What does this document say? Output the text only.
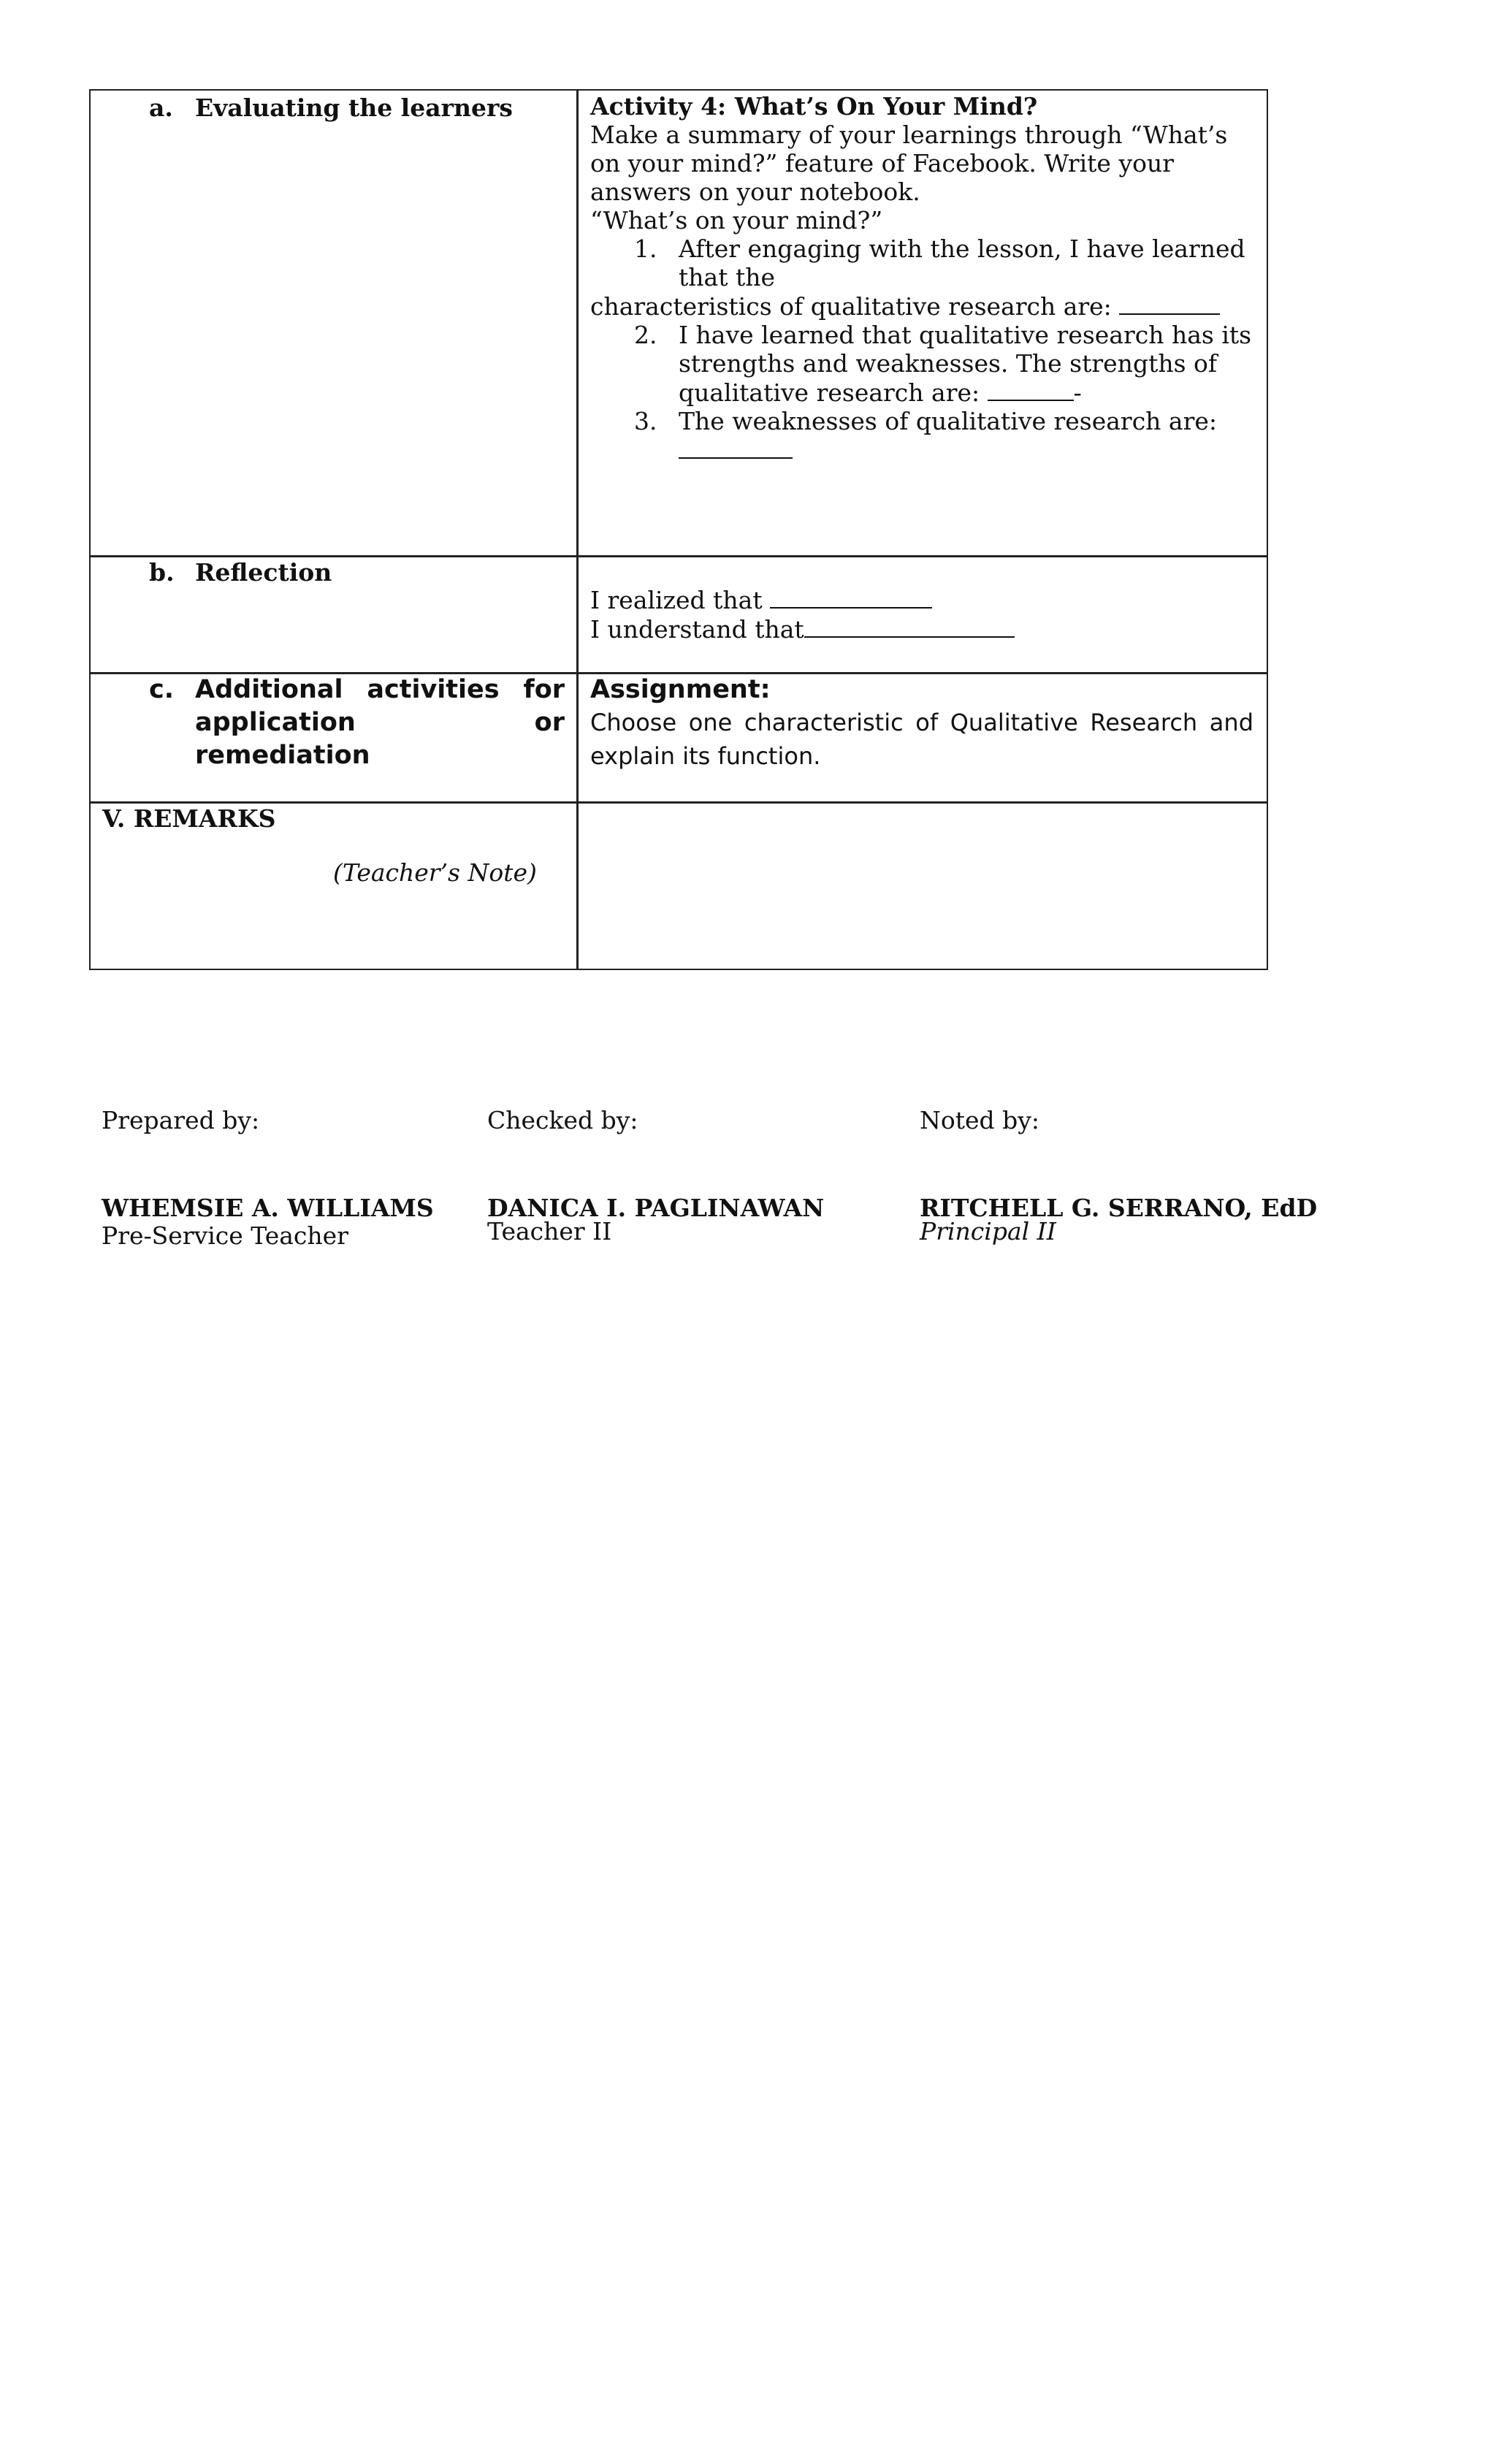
a. Evaluating the learners	Activity 4: What’s On Your Mind?
Make a summary of your learnings through “What’s
on your mind?” feature of Facebook. Write your
answers on your notebook.
“What’s on your mind?”
1. After engaging with the lesson, I have learned
that the
characteristics of qualitative research are:
2. I have learned that qualitative research has its
strengths and weaknesses. The strengths of
qualitative research are:	-
3. The weaknesses of qualitative research are:
b. Reflection
I realized that
I understand that
c. Additional activities for
application or remediation
Assignment:
Choose one characteristic of Qualitative Research and explain its function.
V. REMARKS
(Teacher’s Note)
Prepared by:
WHEMSIE A. WILLIAMS
Pre-Service Teacher
Checked by:
DANICA I. PAGLINAWAN
Teacher II
Noted by:
RITCHELL G. SERRANO, EdD
Principal II
